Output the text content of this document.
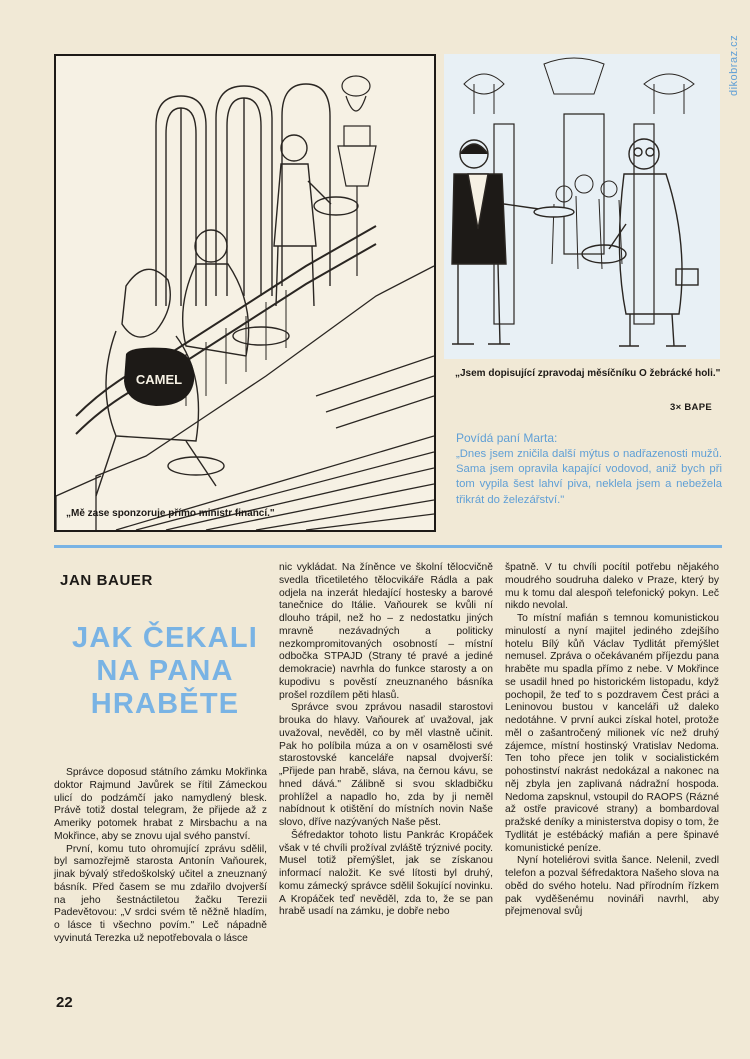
CAMEL
„Mě zase sponzoruje přímo ministr financí."
„Jsem dopisující zpravodaj měsíčníku O žebrácké holi."
3× BAPE
Povídá paní Marta:
„Dnes jsem zničila další mýtus o nadřazenosti mužů. Sama jsem opravila kapající vodovod, aniž bych při tom vypila šest lahví piva, neklela jsem a nebežela třikrát do železářství."
dikobraz.cz
JAN BAUER
JAK ČEKALI
NA PANA
HRABĚTE

Správce doposud státního zámku Mokřinka doktor Rajmund Javůrek se řítil Zámeckou ulicí do podzámčí jako namydlený blesk. Právě totiž dostal telegram, že přijede až z Ameriky potomek hrabat z Mirsbachu a na Mokřince, aby se znovu ujal svého panství.

První, komu tuto ohromující zprávu sdělil, byl samozřejmě starosta Antonín Vaňourek, jinak bývalý středoškolský učitel a zneuznaný básník. Před časem se mu zdařilo dvojverší na jeho šestnáctiletou žačku Terezii Padevětovou: „V srdci svém tě něžně hladím, o lásce ti všechno povím." Leč nápadně vyvinutá Terezka už nepotřebovala o lásce

nic vykládat. Na žíněnce ve školní tělocvičně svedla třicetiletého tělocvikáře Rádla a pak odjela na inzerát hledající hostesky a barové tanečnice do Itálie. Vaňourek se kvůli ní dlouho trápil, než ho – z nedostatku jiných mravně nezávadných a politicky nezkompromitovaných osobností – místní odbočka STPAJD (Strany té pravé a jediné demokracie) navrhla do funkce starosty a on kupodivu s pověstí zneuznaného básníka prošel rozdílem pěti hlasů.

Správce svou zprávou nasadil starostovi brouka do hlavy. Vaňourek ať uvažoval, jak uvažoval, nevěděl, co by měl vlastně učinit. Pak ho políbila múza a on v osamělosti své starostovské kanceláře napsal dvojverší: „Přijede pan hrabě, sláva, na černou kávu, se hned dává." Zálibně si svou skladbičku prohlížel a napadlo ho, zda by ji neměl nabídnout k otištění do místních novin Naše slovo, dříve nazývaných Naše pěst.

Šéfredaktor tohoto listu Pankrác Kropáček však v té chvíli prožíval zvláště trýznivé pocity. Musel totiž přemýšlet, jak se získanou informací naložit. Ke své lítosti byl druhý, komu zámecký správce sdělil šokující novinku. A Kropáček teď nevěděl, zda to, že se pan hrabě usadí na zámku, je dobře nebo

špatně. V tu chvíli pocítil potřebu nějakého moudrého soudruha daleko v Praze, který by mu k tomu dal alespoň telefonický pokyn. Leč nikdo nevolal.

To místní mafián s temnou komunistickou minulostí a nyní majitel jediného zdejšího hotelu Bílý kůň Václav Tydlitát přemýšlet nemusel. Zpráva o očekávaném příjezdu pana hraběte mu spadla přímo z nebe. V Mokřince se usadil hned po historickém listopadu, když pochopil, že teď to s pozdravem Čest práci a Leninovou bustou v kanceláři už daleko nedotáhne. V první aukci získal hotel, protože měl o zašantročený milionek víc než druhý zájemce, místní hostinský Vratislav Nedoma. Ten toho přece jen tolik v socialistickém pohostinství nakrást nedokázal a nakonec na něj zbyla jen zaplivaná nádražní hospoda. Nedoma zapsknul, vstoupil do RAOPS (Rázné až ostře pravicové strany) a bombardoval pražské deníky a ministerstva dopisy o tom, že Tydlitát je estébácký mafián a pere špinavé komunistické peníze.

Nyní hoteliérovi svitla šance. Nelenil, zvedl telefon a pozval šéfredaktora Našeho slova na oběd do svého hotelu. Nad přírodním řízkem pak vyděšenému novináři navrhl, aby přejmenoval svůj

22
